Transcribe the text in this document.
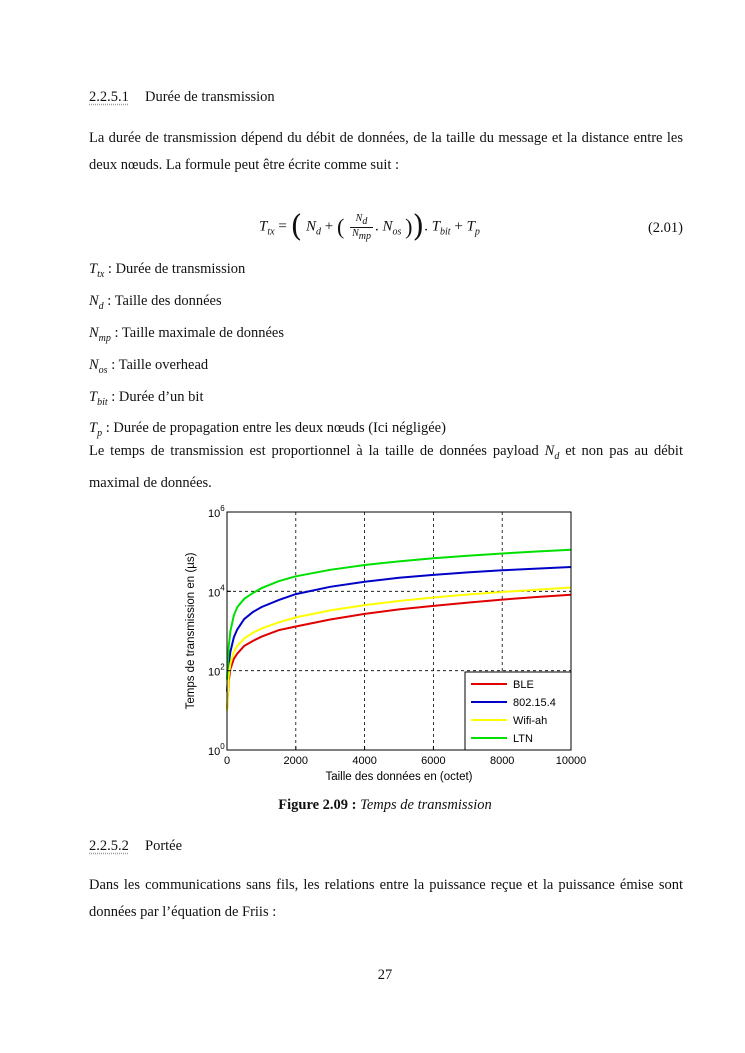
2.2.5.1 Durée de transmission
La durée de transmission dépend du débit de données, de la taille du message et la distance entre les deux nœuds. La formule peut être écrite comme suit :
$T_{tx}$ = ( $N_d$ + ( $\frac{N_d}{N_{mp}}$ . $N_{os}$ )). $T_{bit} + T_p$	(2.01)
$T_{tx}$ : Durée de transmission
$N_d$ : Taille des données
$N_{mp}$ : Taille maximale de données
$N_{os}$ : Taille overhead
$T_{bit}$ : Durée d’un bit
$T_p$ : Durée de propagation entre les deux nœuds (Ici négligée)
Le temps de transmission est proportionnel à la taille de données payload $N_d$ et non pas au débit maximal de données.
0	2000	4000	6000	8000	10000
$10^0$
$10^2$
$10^4$
$10^6$
Taille des données en (octet)
Temps de transmission en (µs)	BLE
802.15.4
Wifi-ah
LTN
Figure 2.09 : Temps de transmission
2.2.5.2 Portée
Dans les communications sans fils, les relations entre la puissance reçue et la puissance émise sont données par l’équation de Friis :
27
